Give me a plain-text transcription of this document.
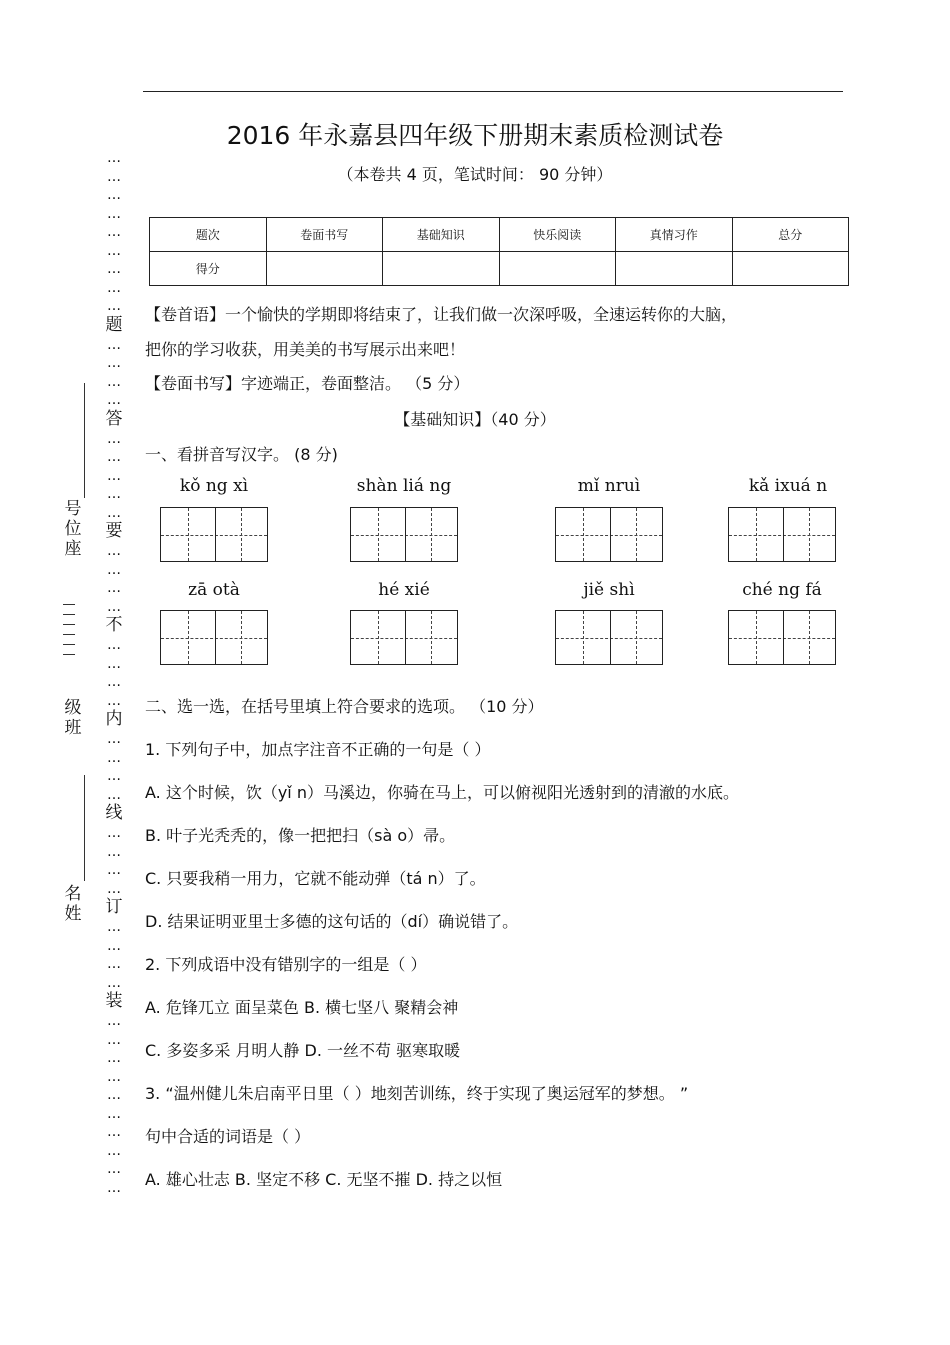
2016 年永嘉县四年级下册期末素质检测试卷
（本卷共 4 页，笔试时间： 90 分钟）
题次	卷面书写	基础知识	快乐阅读	真情习作	总分
得分					
【卷首语】一个愉快的学期即将结束了，让我们做一次深呼吸，全速运转你的大脑，
把你的学习收获，用美美的书写展示出来吧！
【卷面书写】字迹端正，卷面整洁。 （5 分）
【基础知识】（40 分）
一、看拼音写汉字。 (8 分)
kǒ ng xì	shàn liá ng	mǐ nruì	kǎ ixuá n
zā otà	hé xié	jiě shì	ché ng fá
二、选一选，在括号里填上符合要求的选项。 （10 分）
1. 下列句子中，加点字注音不正确的一句是（ ）
A. 这个时候，饮（yǐ n）马溪边，你骑在马上，可以俯视阳光透射到的清澈的水底。
B. 叶子光秃秃的，像一把把扫（sà o）帚。
C. 只要我稍一用力，它就不能动弹（tá n）了。
D. 结果证明亚里士多德的这句话的（dí）确说错了。
2. 下列成语中没有错别字的一组是（ ）
A. 危锋兀立 面呈菜色 B. 横七坚八 聚精会神
C. 多姿多采 月明人静 D. 一丝不苟 驱寒取暖
3. “温州健儿朱启南平日里（ ）地刻苦训练，终于实现了奥运冠军的梦想。 ”
句中合适的词语是（ ）
A. 雄心壮志 B. 坚定不移 C. 无坚不摧 D. 持之以恒
号位座
级班
名姓
…
…
…
…
…
…
…
…
…
题
…
…
…
…
答
…
…
…
…
…
要
…
…
…
…
不
…
…
…
…
内
…
…
…
…
线
…
…
…
…
订
…
…
…
…
装
…
…
…
…
…
…
…
…
…
…
